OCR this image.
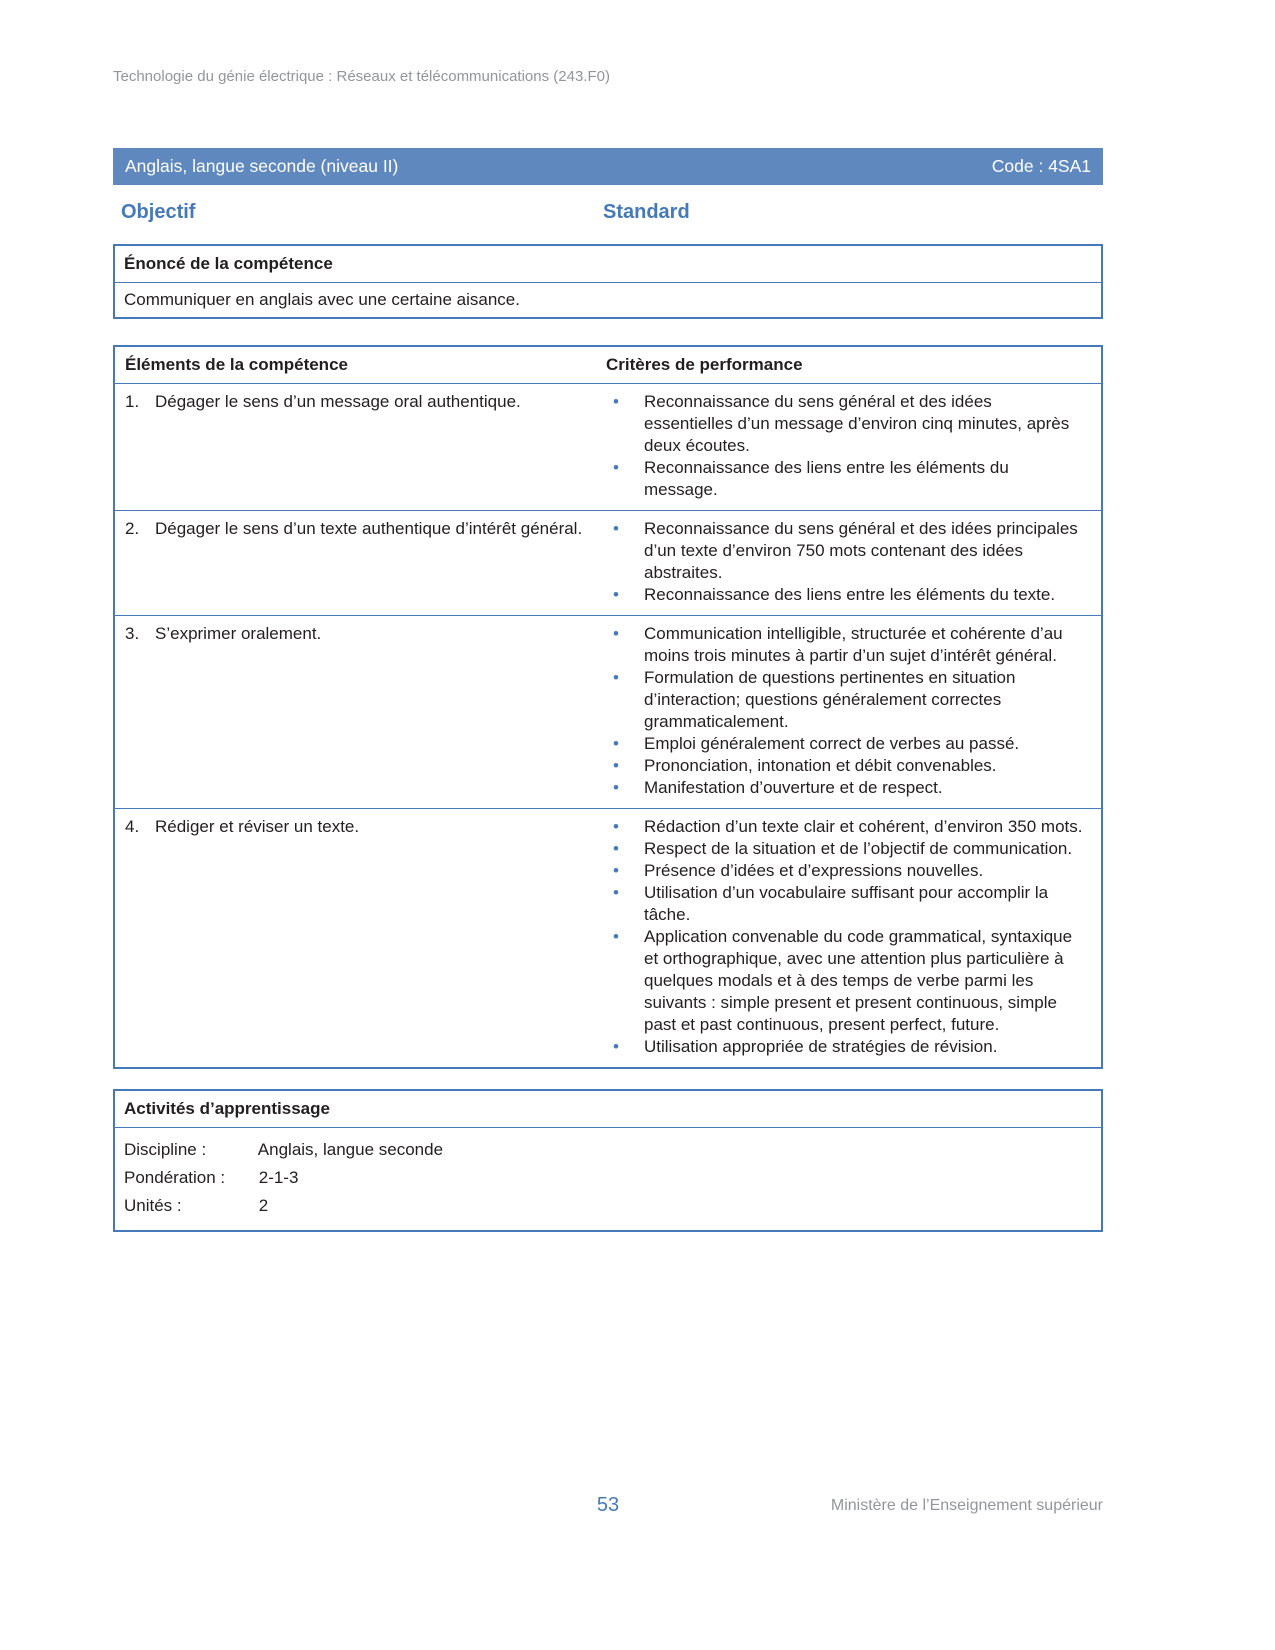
Technologie du génie électrique : Réseaux et télécommunications (243.F0)
Anglais, langue seconde (niveau II)	Code : 4SA1
Objectif	Standard
Énoncé de la compétence
Communiquer en anglais avec une certaine aisance.
Éléments de la compétence	Critères de performance

1. Dégager le sens d’un message oral authentique.	•	Reconnaissance du sens général et des idées essentielles d’un message d’environ cinq minutes, après deux écoutes.
•	Reconnaissance des liens entre les éléments du message.

2. Dégager le sens d’un texte authentique d’intérêt général.	•	Reconnaissance du sens général et des idées principales d’un texte d’environ 750 mots contenant des idées abstraites.
•	Reconnaissance des liens entre les éléments du texte.

3. S’exprimer oralement.	•	Communication intelligible, structurée et cohérente d’au moins trois minutes à partir d’un sujet d’intérêt général.
•	Formulation de questions pertinentes en situation d’interaction; questions généralement correctes grammaticalement.
•	Emploi généralement correct de verbes au passé.
•	Prononciation, intonation et débit convenables.
•	Manifestation d’ouverture et de respect.

4. Rédiger et réviser un texte.	•	Rédaction d’un texte clair et cohérent, d’environ 350 mots.
•	Respect de la situation et de l’objectif de communication.
•	Présence d’idées et d’expressions nouvelles.
•	Utilisation d’un vocabulaire suffisant pour accomplir la tâche.
•	Application convenable du code grammatical, syntaxique et orthographique, avec une attention plus particulière à quelques modals et à des temps de verbe parmi les suivants : simple present et present continuous, simple past et past continuous, present perfect, future.
•	Utilisation appropriée de stratégies de révision.
Activités d’apprentissage
Discipline :	Anglais, langue seconde
Pondération : 2-1-3
Unités :	2
53	Ministère de l’Enseignement supérieur
